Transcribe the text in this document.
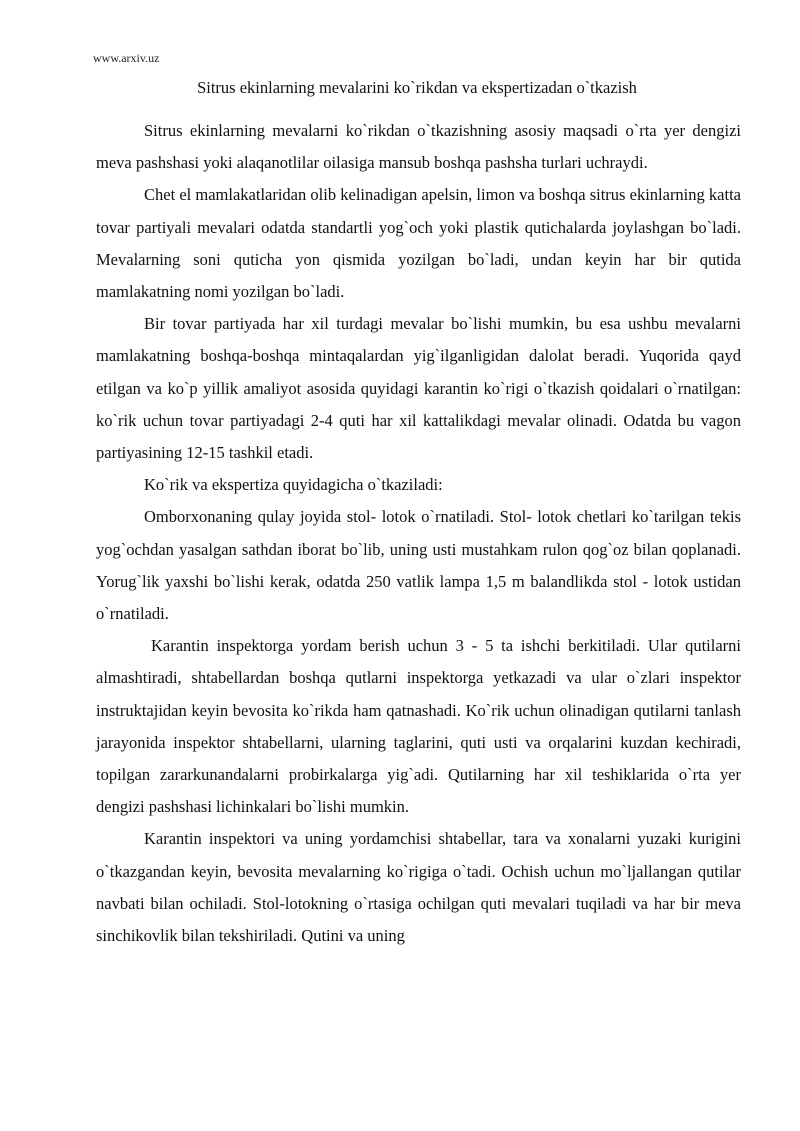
www.arxiv.uz
Sitrus ekinlarning mevalarini ko`rikdan va ekspertizadan o`tkazish

Sitrus ekinlarning mevalarni ko`rikdan o`tkazishning asosiy maqsadi o`rta yer dengizi meva pashshasi yoki alaqanotlilar oilasiga mansub boshqa pashsha turlari uchraydi.

Chet el mamlakatlaridan olib kelinadigan apelsin, limon va boshqa sitrus ekinlarning katta tovar partiyali mevalari odatda standartli yog`och yoki plastik qutichalarda joylashgan bo`ladi. Mevalarning soni quticha yon qismida yozilgan bo`ladi, undan keyin har bir qutida mamlakatning nomi yozilgan bo`ladi.

Bir tovar partiyada har xil turdagi mevalar bo`lishi mumkin, bu esa ushbu mevalarni mamlakatning boshqa-boshqa mintaqalardan yig`ilganligidan dalolat beradi. Yuqorida qayd etilgan va ko`p yillik amaliyot asosida quyidagi karantin ko`rigi o`tkazish qoidalari o`rnatilgan: ko`rik uchun tovar partiyadagi 2-4 quti har xil kattalikdagi mevalar olinadi. Odatda bu vagon partiyasining 12-15 tashkil etadi.

Ko`rik va ekspertiza quyidagicha o`tkaziladi:

Omborxonaning qulay joyida stol- lotok o`rnatiladi. Stol- lotok chetlari ko`tarilgan tekis yog`ochdan yasalgan sathdan iborat bo`lib, uning usti mustahkam rulon qog`oz bilan qoplanadi. Yorug`lik yaxshi bo`lishi kerak, odatda 250 vatlik lampa 1,5 m balandlikda stol - lotok ustidan o`rnatiladi.

Karantin inspektorga yordam berish uchun 3 - 5 ta ishchi berkitiladi. Ular qutilarni almashtiradi, shtabellardan boshqa qutlarni inspektorga yetkazadi va ular o`zlari inspektor instruktajidan keyin bevosita ko`rikda ham qatnashadi. Ko`rik uchun olinadigan qutilarni tanlash jarayonida inspektor shtabellarni, ularning taglarini, quti usti va orqalarini kuzdan kechiradi, topilgan zararkunandalarni probirkalarga yig`adi. Qutilarning har xil teshiklarida o`rta yer dengizi pashshasi lichinkalari bo`lishi mumkin.

Karantin inspektori va uning yordamchisi shtabellar, tara va xonalarni yuzaki kurigini o`tkazgandan keyin, bevosita mevalarning ko`rigiga o`tadi. Ochish uchun mo`ljallangan qutilar navbati bilan ochiladi. Stol-lotokning o`rtasiga ochilgan quti mevalari tuqiladi va har bir meva sinchikovlik bilan tekshiriladi. Qutini va uning
